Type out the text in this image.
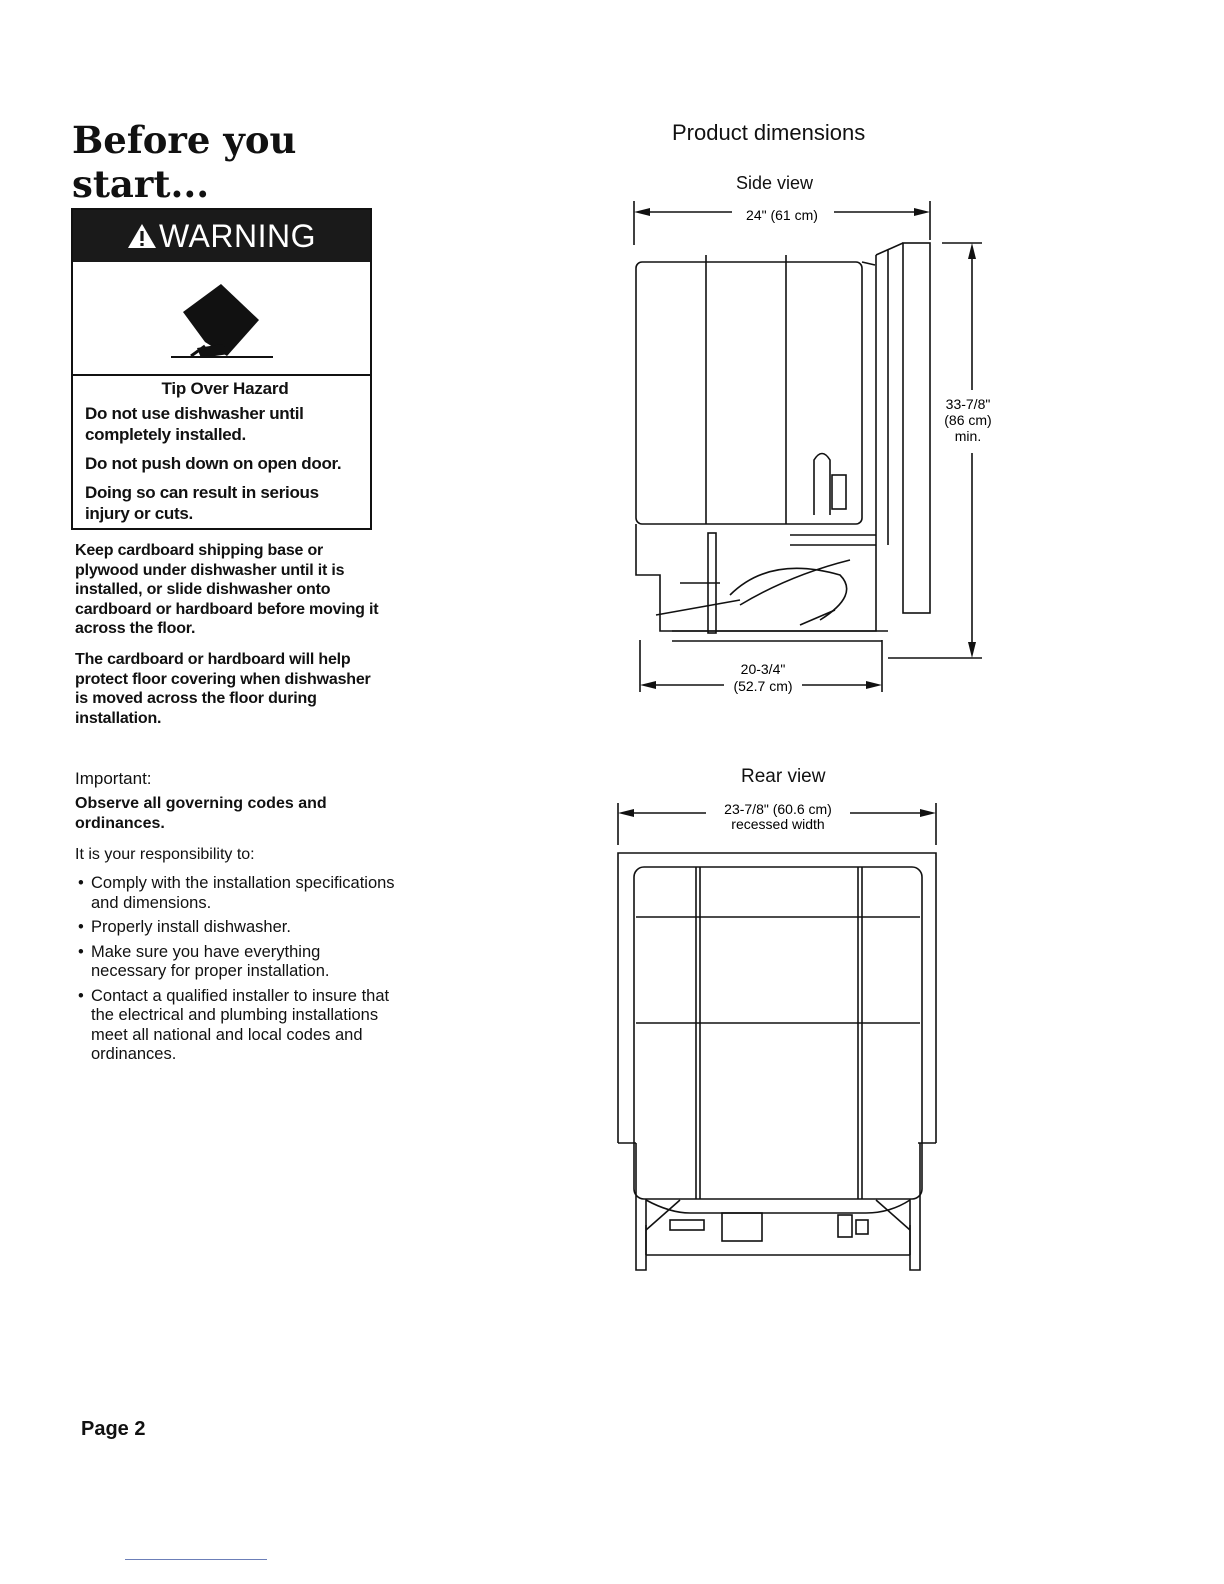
Before you
start...
WARNING
Tip Over Hazard

Do not use dishwasher until completely installed.

Do not push down on open door.

Doing so can result in serious injury or cuts.

Keep cardboard shipping base or plywood under dishwasher until it is installed, or slide dishwasher onto cardboard or hardboard before moving it across the floor.
The cardboard or hardboard will help protect floor covering when dishwasher is moved across the floor during installation.
Important:
Observe all governing codes and ordinances.
It is your responsibility to:
• Comply with the installation specifications and dimensions.
• Properly install dishwasher.
• Make sure you have everything necessary for proper installation.
• Contact a qualified installer to insure that the electrical and plumbing installations meet all national and local codes and ordinances.
Page 2
Product dimensions
Side view
24" (61 cm)
33-7/8"
(86 cm)
min.
20-3/4"
(52.7 cm)
Rear view
23-7/8" (60.6 cm)
recessed width
